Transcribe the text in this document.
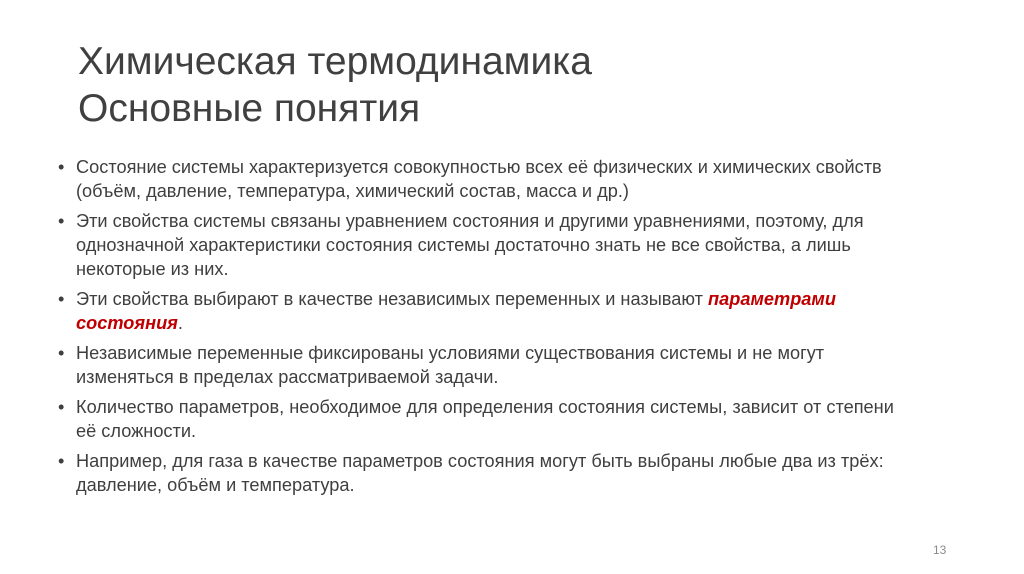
Химическая термодинамика
Основные понятия
• Состояние системы характеризуется совокупностью всех её физических и химических свойств
(объём, давление, температура, химический состав, масса и др.)
• Эти свойства системы связаны уравнением состояния и другими уравнениями, поэтому, для
однозначной характеристики состояния системы достаточно знать не все свойства, а лишь
некоторые из них.
• Эти свойства выбирают в качестве независимых переменных и называют параметрами
состояния.
• Независимые переменные фиксированы условиями существования системы и не могут
изменяться в пределах рассматриваемой задачи.
• Количество параметров, необходимое для определения состояния системы, зависит от степени
её сложности.
• Например, для газа в качестве параметров состояния могут быть выбраны любые два из трёх:
давление, объём и температура.
13
